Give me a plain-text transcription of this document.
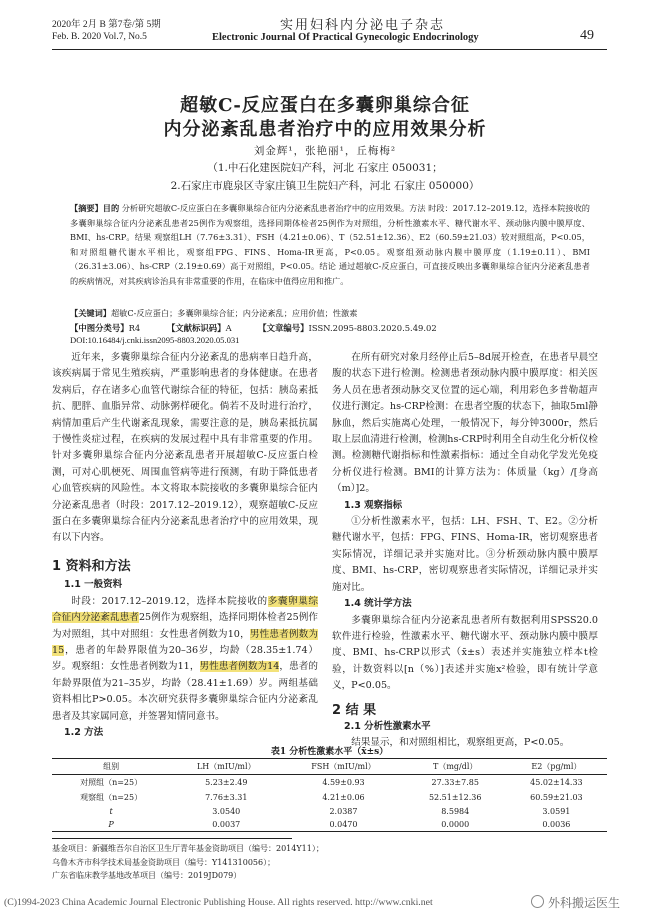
2020年 2月 B 第7卷/第 5期
Feb. B. 2020 Vol.7, No.5
实用妇科内分泌电子杂志
Electronic Journal Of Practical Gynecologic Endocrinology	49
超敏C-反应蛋白在多囊卵巢综合征
内分泌紊乱患者治疗中的应用效果分析
刘金辉¹，张艳丽¹，丘梅梅²
（1.中石化建医院妇产科，河北 石家庄 050031；
2.石家庄市鹿泉区寺家庄镇卫生院妇产科，河北 石家庄 050000）
【摘要】目的 分析研究超敏C-反应蛋白在多囊卵巢综合征内分泌紊乱患者治疗中的应用效果。方法 时段：2017.12–2019.12，选择本院接收的多囊卵巢综合征内分泌紊乱患者25例作为观察组，选择同期体检者25例作为对照组，分析性激素水平、糖代谢水平、颈动脉内膜中膜厚度、BMI、hs-CRP。结果 观察组LH（7.76±3.31）、FSH（4.21±0.06）、T（52.51±12.36）、E2（60.59±21.03）较对照组高，P<0.05，和对照组糖代谢水平相比，观察组FPG、FINS、Homa-IR更高，P<0.05。观察组颈动脉内膜中膜厚度（1.19±0.11）、BMI（26.31±3.06）、hs-CRP（2.19±0.69）高于对照组，P<0.05。结论 通过超敏C-反应蛋白，可直接反映出多囊卵巢综合征内分泌紊乱患者的疾病情况，对其疾病诊治具有非常重要的作用，在临床中值得应用和推广。
【关键词】超敏C-反应蛋白；多囊卵巢综合征；内分泌紊乱；应用价值；性激素
【中图分类号】R4	【文献标识码】A	【文章编号】ISSN.2095-8803.2020.5.49.02
DOI:10.16484/j.cnki.issn2095-8803.2020.05.031

近年来，多囊卵巢综合征内分泌紊乱的患病率日趋升高，该疾病属于常见生殖疾病，严重影响患者的身体健康。在患者发病后，存在诸多心血管代谢综合征的特征，包括：胰岛素抵抗、肥胖、血脂异常、动脉粥样硬化。倘若不及时进行治疗，病情加重后产生代谢紊乱现象，需要注意的是，胰岛素抵抗属于慢性炎症过程，在疾病的发展过程中具有非常重要的作用。针对多囊卵巢综合征内分泌紊乱患者开展超敏C-反应蛋白检测，可对心肌梗死、周围血管病等进行预测，有助于降低患者心血管疾病的风险性。本文将取本院接收的多囊卵巢综合征内分泌紊乱患者（时段：2017.12–2019.12），观察超敏C-反应蛋白在多囊卵巢综合征内分泌紊乱患者治疗中的应用效果，现有以下内容。

1 资料和方法
1.1 一般资料

时段：2017.12–2019.12，选择本院接收的多囊卵巢综合征内分泌紊乱患者25例作为观察组，选择同期体检者25例作为对照组，其中对照组：女性患者例数为10，男性患者例数为15，患者的年龄界限值为20–36岁，均龄（28.35±1.74）岁。观察组：女性患者例数为11，男性患者例数为14，患者的年龄界限值为21–35岁，均龄（28.41±1.69）岁。两组基础资料相比P>0.05。本次研究获得多囊卵巢综合征内分泌紊乱患者及其家属同意，并签署知情同意书。

1.2 方法

在所有研究对象月经停止后5–8d展开检查，在患者早晨空腹的状态下进行检测。检测患者颈动脉内膜中膜厚度：相关医务人员在患者颈动脉交叉位置的远心端，利用彩色多普勒超声仪进行测定。hs-CRP检测：在患者空腹的状态下，抽取5ml静脉血，然后实施离心处理，一般情况下，每分钟3000r，然后取上层血清进行检测，检测hs-CRP时利用全自动生化分析仪检测。检测糖代谢指标和性激素指标：通过全自动化学发光免疫分析仪进行检测。BMI的计算方法为：体质量（kg）/[身高（m）]2。

1.3 观察指标

①分析性激素水平，包括：LH、FSH、T、E2。②分析糖代谢水平，包括：FPG、FINS、Homa-IR，密切观察患者实际情况，详细记录并实施对比。③分析颈动脉内膜中膜厚度、BMI、hs-CRP，密切观察患者实际情况，详细记录并实施对比。

1.4 统计学方法

多囊卵巢综合征内分泌紊乱患者所有数据利用SPSS20.0软件进行检验，性激素水平、糖代谢水平、颈动脉内膜中膜厚度、BMI、hs-CRP以形式（x̄±s）表述并实施独立样本t检验，计数资料以[n（%）]表述并实施x²检验，即有统计学意义，P<0.05。

2 结 果
2.1 分析性激素水平

结果显示，和对照组相比，观察组更高，P<0.05。

表1 分析性激素水平（x̄±s）
组别	LH（mIU/ml）	FSH（mIU/ml）	T（mg/dl）	E2（pg/ml）
对照组（n=25）	5.23±2.49	4.59±0.93	27.33±7.85	45.02±14.33
观察组（n=25）	7.76±3.31	4.21±0.06	52.51±12.36	60.59±21.03
t	3.0540	2.0387	8.5984	3.0591
P	0.0037	0.0470	0.0000	0.0036
基金项目：新疆维吾尔自治区卫生厅青年基金资助项目（编号：2014Y11）；
乌鲁木齐市科学技术局基金资助项目（编号：Y141310056）；
广东省临床教学基地改革项目（编号：2019JD079）
(C)1994-2023 China Academic Journal Electronic Publishing House. All rights reserved. http://www.cnki.net	外科搬运医生
